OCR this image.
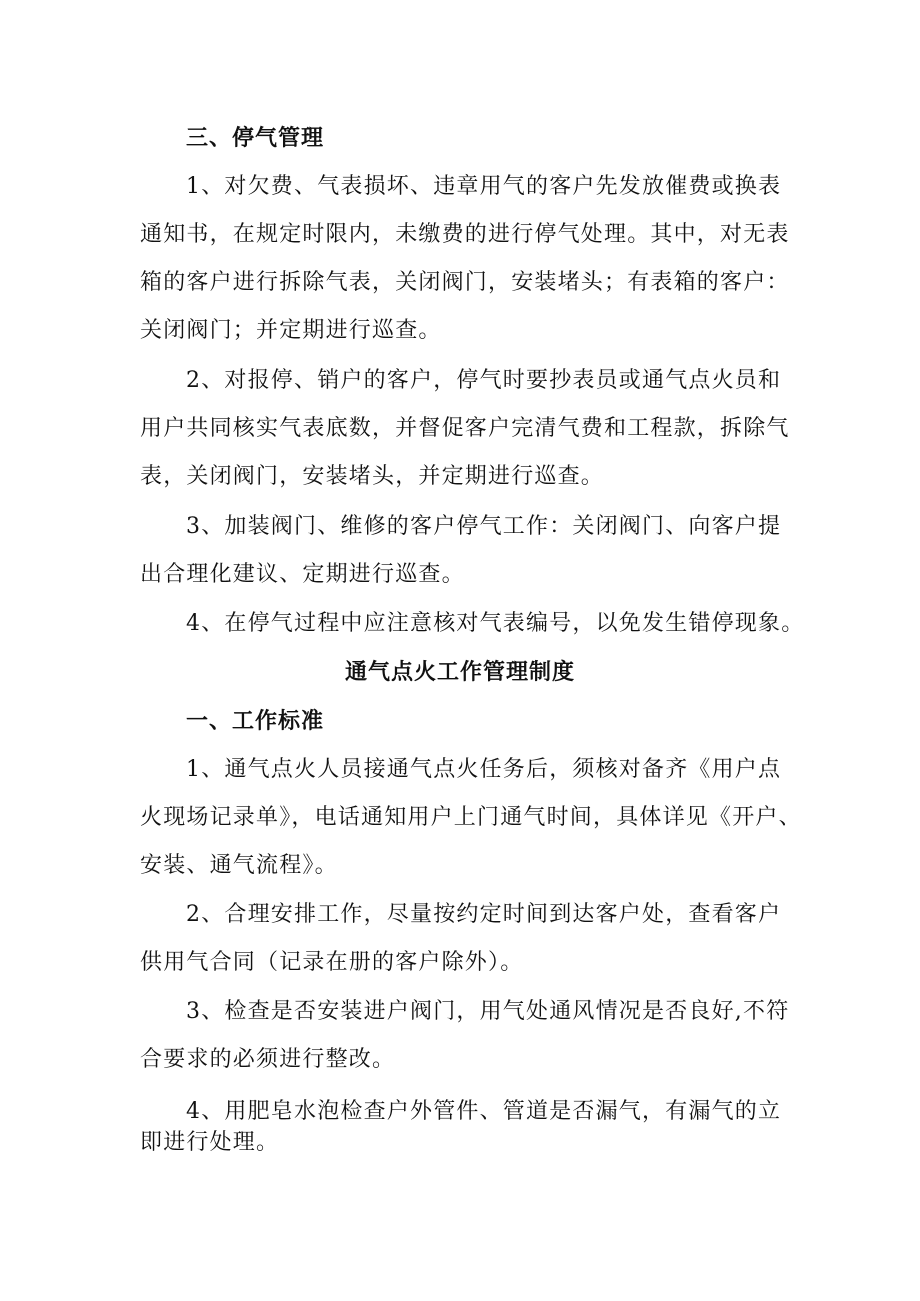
三、停气管理
1、对欠费、气表损坏、违章用气的客户先发放催费或换表
通知书，在规定时限内，未缴费的进行停气处理。其中，对无表
箱的客户进行拆除气表，关闭阀门，安装堵头；有表箱的客户：
关闭阀门；并定期进行巡查。
2、对报停、销户的客户，停气时要抄表员或通气点火员和
用户共同核实气表底数，并督促客户完清气费和工程款，拆除气
表，关闭阀门，安装堵头，并定期进行巡查。
3、加装阀门、维修的客户停气工作：关闭阀门、向客户提
出合理化建议、定期进行巡查。
4、在停气过程中应注意核对气表编号，以免发生错停现象。
通气点火工作管理制度
一、工作标准
1、通气点火人员接通气点火任务后，须核对备齐《用户点
火现场记录单》，电话通知用户上门通气时间，具体详见《开户、
安装、通气流程》。
2、合理安排工作，尽量按约定时间到达客户处，查看客户
供用气合同（记录在册的客户除外）。
3、检查是否安装进户阀门，用气处通风情况是否良好,不符
合要求的必须进行整改。
4、用肥皂水泡检查户外管件、管道是否漏气，有漏气的立
即进行处理。
